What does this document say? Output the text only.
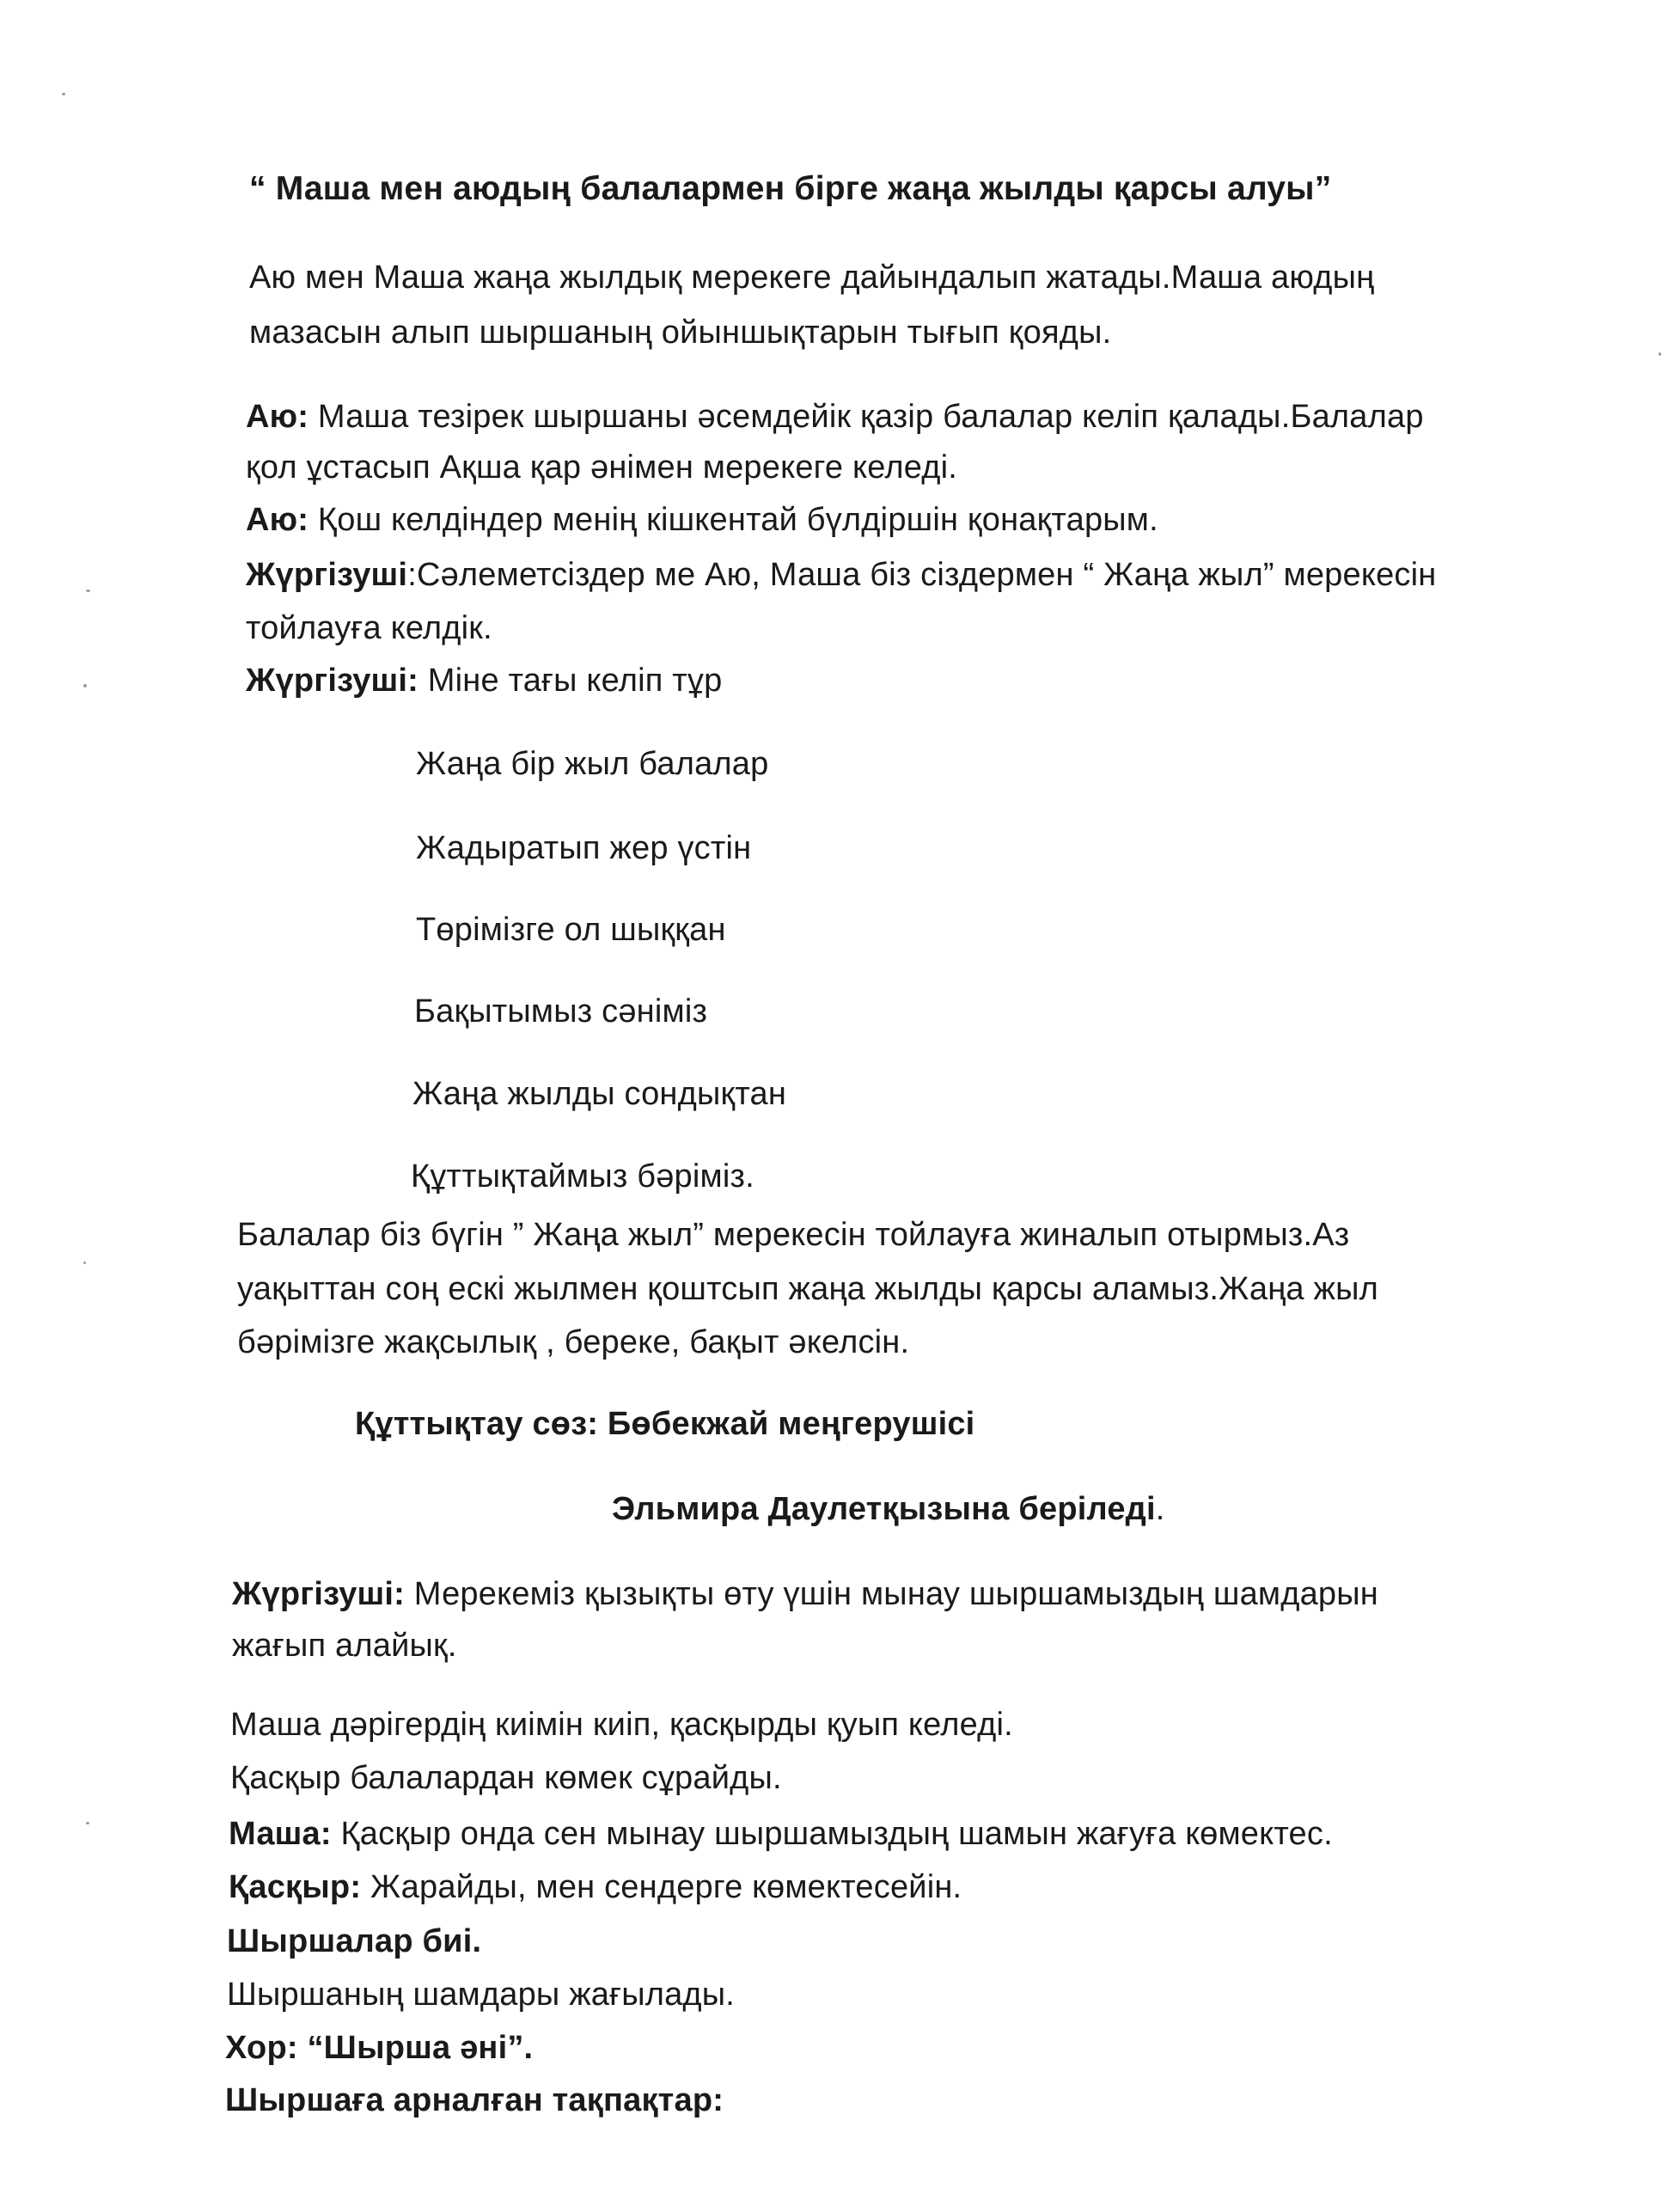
“ Маша мен аюдың балалармен бірге жаңа жылды қарсы алуы”
Аю мен Маша жаңа жылдық мерекеге дайындалып жатады.Маша аюдың
мазасын алып шыршаның ойыншықтарын тығып қояды.
Аю: Маша тезірек шыршаны әсемдейік қазір балалар келіп қалады.Балалар
қол ұстасып Ақша қар әнімен мерекеге келеді.
Аю: Қош келдіндер менің кішкентай бүлдіршін қонақтарым.
Жүргізуші:Сәлеметсіздер ме Аю, Маша біз сіздермен “ Жаңа жыл” мерекесін
тойлауға келдік.
Жүргізуші: Міне тағы келіп тұр
Жаңа бір жыл балалар
Жадыратып жер үстін
Төрімізге ол шыққан
Бақытымыз сәніміз
Жаңа жылды сондықтан
Құттықтаймыз бәріміз.
Балалар біз бүгін ” Жаңа жыл” мерекесін тойлауға жиналып отырмыз.Аз
уақыттан соң ескі жылмен қоштсып жаңа жылды қарсы аламыз.Жаңа жыл
бәрімізге жақсылық , береке, бақыт әкелсін.
Құттықтау сөз: Бөбекжай меңгерушісі
Эльмира Даулетқызына беріледі.
Жүргізуші: Мерекеміз қызықты өту үшін мынау шыршамыздың шамдарын
жағып алайық.
Маша дәрігердің киімін киіп, қасқырды қуып келеді.
Қасқыр балалардан көмек сұрайды.
Маша: Қасқыр онда сен мынау шыршамыздың шамын жағуға көмектес.
Қасқыр: Жарайды, мен сендерге көмектесейін.
Шыршалар биі.
Шыршаның шамдары жағылады.
Хор: “Шырша әні”.
Шыршаға арналған тақпақтар:
